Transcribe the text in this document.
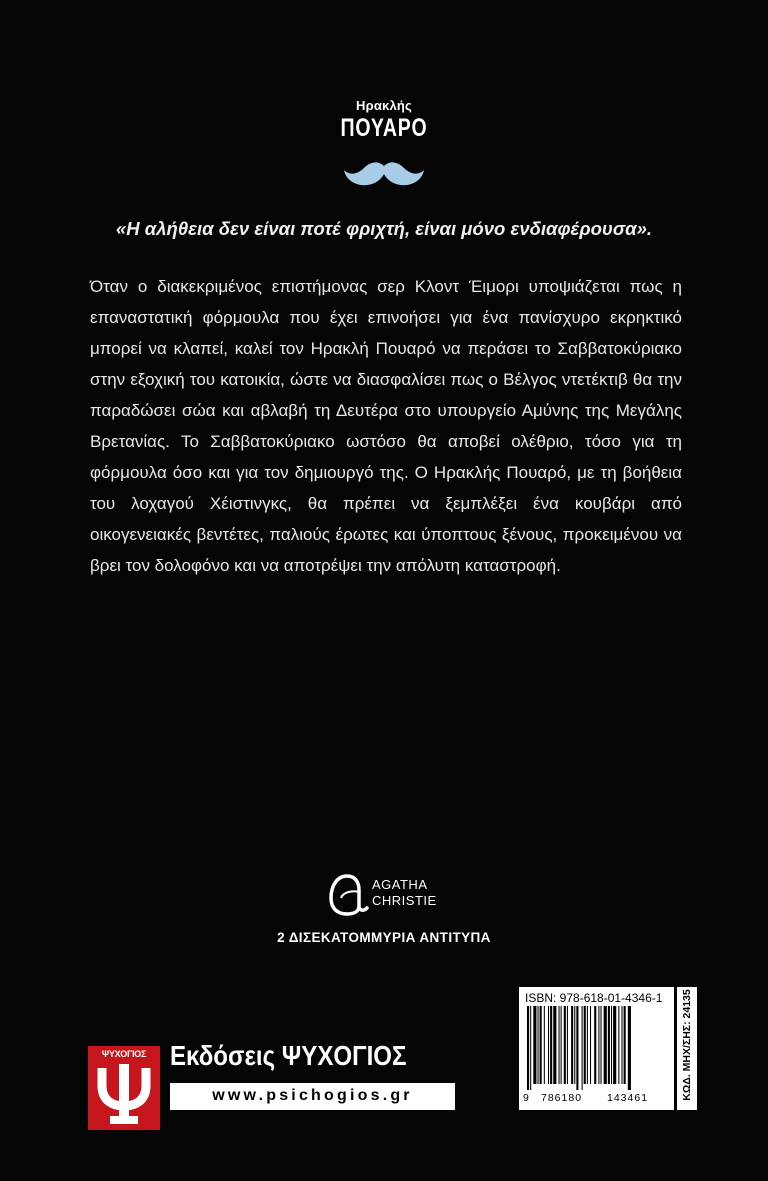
Ηρακλής
ΠΟΥΑΡΟ
«Η αλήθεια δεν είναι ποτέ φριχτή, είναι μόνο ενδιαφέρουσα».
Όταν ο διακεκριμένος επιστήμονας σερ Κλοντ Έιμορι υποψιάζεται πως η επαναστατική φόρμουλα που έχει επινοήσει για ένα πανίσχυρο εκρηκτικό μπορεί να κλαπεί, καλεί τον Ηρακλή Πουαρό να περάσει το Σαββατοκύριακο στην εξοχική του κατοικία, ώστε να διασφαλίσει πως ο Βέλγος ντετέκτιβ θα την παραδώσει σώα και αβλαβή τη Δευτέρα στο υπουργείο Αμύνης της Μεγάλης Βρετανίας. Το Σαββατοκύριακο ωστόσο θα αποβεί ολέθριο, τόσο για τη φόρμουλα όσο και για τον δημιουργό της. Ο Ηρακλής Πουαρό, με τη βοήθεια του λοχαγού Χέιστινγκς, θα πρέπει να ξεμπλέξει ένα κουβάρι από οικογενειακές βεντέτες, παλιούς έρωτες και ύποπτους ξένους, προκειμένου να βρει τον δολοφόνο και να αποτρέψει την απόλυτη καταστροφή.
AGATHA
CHRISTIE
2 ΔΙΣΕΚΑΤΟΜΜΥΡΙΑ ΑΝΤΙΤΥΠΑ
ΨΥΧΟΓΙΟΣ Εκδόσεις ΨΥΧΟΓΙΟΣ
www.psichogios.gr
ISBN: 978-618-01-4346-1
9 786180 143461	ΚΩΔ. ΜΗΧ/ΣΗΣ: 24135
